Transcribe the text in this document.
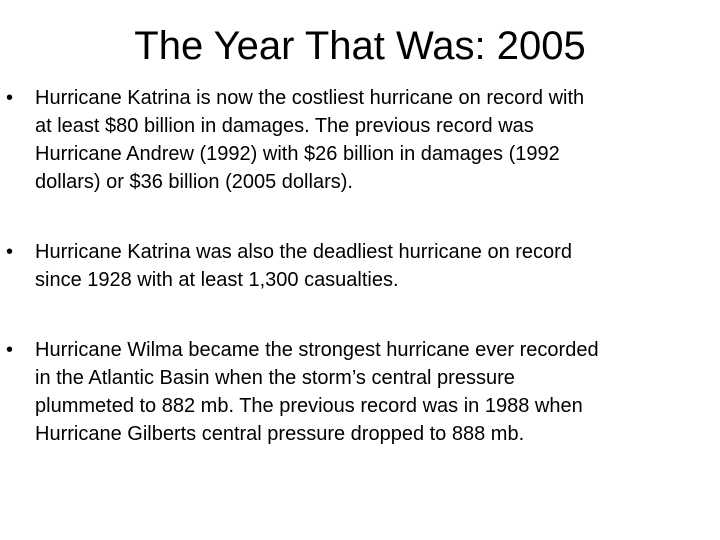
The Year That Was: 2005
• Hurricane Katrina is now the costliest hurricane on record with
at least $80 billion in damages. The previous record was
Hurricane Andrew (1992) with $26 billion in damages (1992
dollars) or $36 billion (2005 dollars).
• Hurricane Katrina was also the deadliest hurricane on record
since 1928 with at least 1,300 casualties.
• Hurricane Wilma became the strongest hurricane ever recorded
in the Atlantic Basin when the storm’s central pressure
plummeted to 882 mb. The previous record was in 1988 when
Hurricane Gilberts central pressure dropped to 888 mb.
